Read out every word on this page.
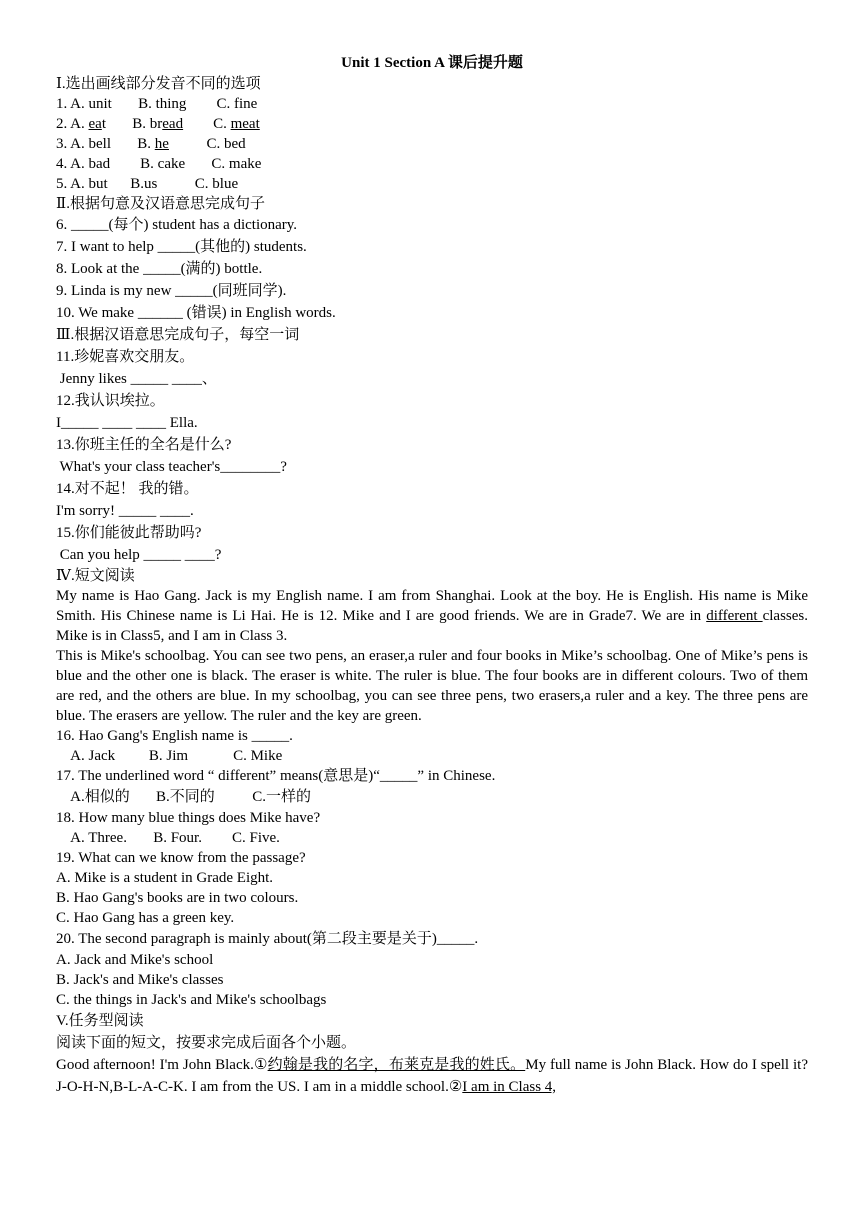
Unit 1 Section A 课后提升题
Ⅰ.选出画线部分发音不同的选项
1. A. unit B. thing C. fine
2. A. eat B. bread C. meat
3. A. bell B. he	C. bed
4. A. bad B. cake C. make
5. A. but B.us	C. blue
Ⅱ.根据句意及汉语意思完成句子
6. _____(每个) student has a dictionary.
7. I want to help _____(其他的) students.
8. Look at the _____(满的) bottle.
9. Linda is my new _____(同班同学).
10. We make ______ (错误) in English words.
Ⅲ.根据汉语意思完成句子，每空一词
11.珍妮喜欢交朋友。
Jenny likes _____ ____、
12.我认识埃拉。
I_____ ____ ____ Ella.
13.你班主任的全名是什么?
What's your class teacher's________?
14.对不起！ 我的错。
I'm sorry! _____ ____.
15.你们能彼此帮助吗?
Can you help _____ ____?
Ⅳ.短文阅读
My name is Hao Gang. Jack is my English name. I am from Shanghai. Look at the boy. He is English. His name is Mike Smith. His Chinese name is Li Hai. He is 12. Mike and I are good friends. We are in Grade7. We are in different classes. Mike is in Class5, and I am in Class 3.
This is Mike's schoolbag. You can see two pens, an eraser,a ruler and four books in Mike’s schoolbag. One of Mike’s pens is blue and the other one is black. The eraser is white. The ruler is blue. The four books are in different colours. Two of them are red, and the others are blue. In my schoolbag, you can see three pens, two erasers,a ruler and a key. The three pens are blue. The erasers are yellow. The ruler and the key are green.
16. Hao Gang's English name is _____.
A. Jack         B. Jim            C. Mike
17. The underlined word “ different” means(意思是)“_____” in Chinese.
A.相似的       B.不同的          C.一样的
18. How many blue things does Mike have?
A. Three.       B. Four.        C. Five.
19. What can we know from the passage?
A. Mike is a student in Grade Eight.
B. Hao Gang's books are in two colours.
C. Hao Gang has a green key.
20. The second paragraph is mainly about(第二段主要是关于)_____.
A. Jack and Mike's school
B. Jack's and Mike's classes
C. the things in Jack's and Mike's schoolbags
V.任务型阅读
阅读下面的短文，按要求完成后面各个小题。
Good afternoon! I'm John Black.①约翰是我的名字，布莱克是我的姓氏。My full name is John Black. How do I spell it? J-O-H-N,B-L-A-C-K. I am from the US. I am in a middle school.②I am in Class 4,
